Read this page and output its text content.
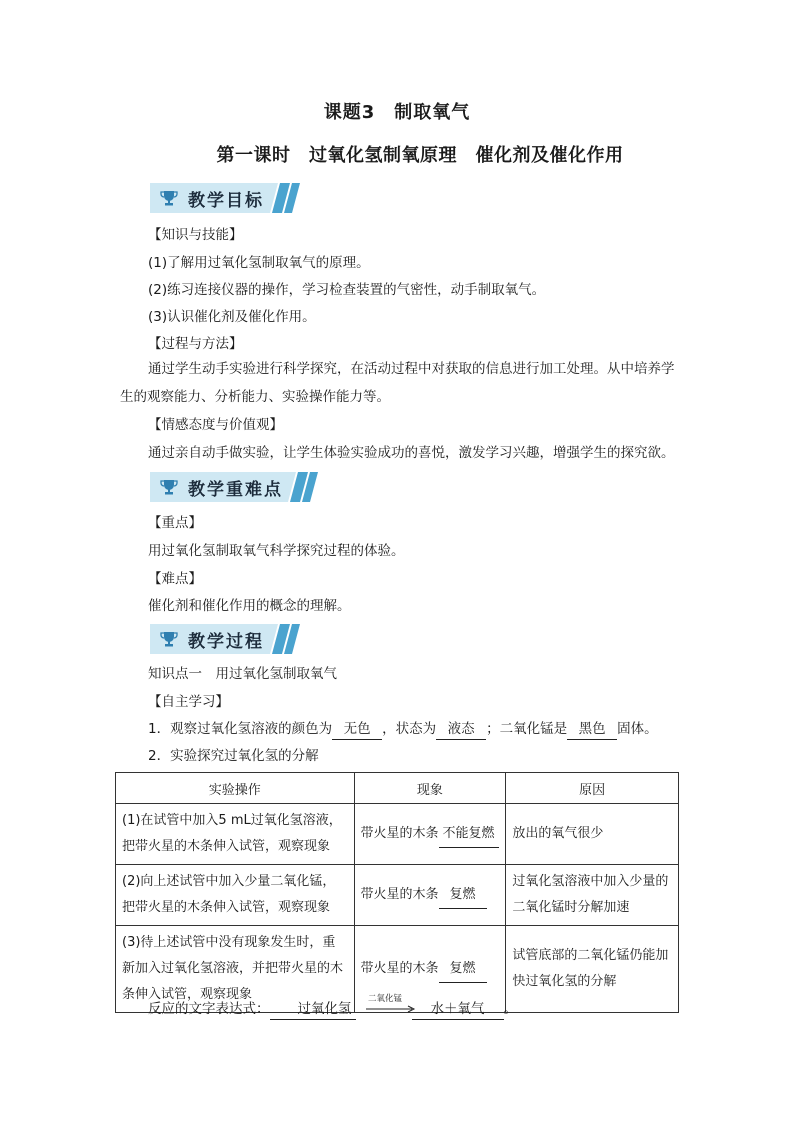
课题3　制取氧气
第一课时　过氧化氢制氧原理　催化剂及催化作用
教学目标
【知识与技能】
(1)了解用过氧化氢制取氧气的原理。
(2)练习连接仪器的操作，学习检查装置的气密性，动手制取氧气。
(3)认识催化剂及催化作用。
【过程与方法】
通过学生动手实验进行科学探究，在活动过程中对获取的信息进行加工处理。从中培养学生的观察能力、分析能力、实验操作能力等。
【情感态度与价值观】
通过亲自动手做实验，让学生体验实验成功的喜悦，激发学习兴趣，增强学生的探究欲。
教学重难点
【重点】
用过氧化氢制取氧气科学探究过程的体验。
【难点】
催化剂和催化作用的概念的理解。
教学过程
知识点一　用过氧化氢制取氧气
【自主学习】
1．观察过氧化氢溶液的颜色为 无色 ，状态为 液态 ；二氧化锰是 黑色 固体。
2．实验探究过氧化氢的分解
实验操作	现象	原因
(1)在试管中加入5 mL过氧化氢溶液，把带火星的木条伸入试管，观察现象	带火星的木条 不能复燃	放出的氧气很少
(2)向上述试管中加入少量二氧化锰，把带火星的木条伸入试管，观察现象	带火星的木条 复燃	过氧化氢溶液中加入少量的二氧化锰时分解加速
(3)待上述试管中没有现象发生时，重新加入过氧化氢溶液，并把带火星的木条伸入试管，观察现象	带火星的木条 复燃	试管底部的二氧化锰仍能加快过氧化氢的分解
反应的文字表达式： 过氧化氢	水＋氧气 。
二氧化锰
